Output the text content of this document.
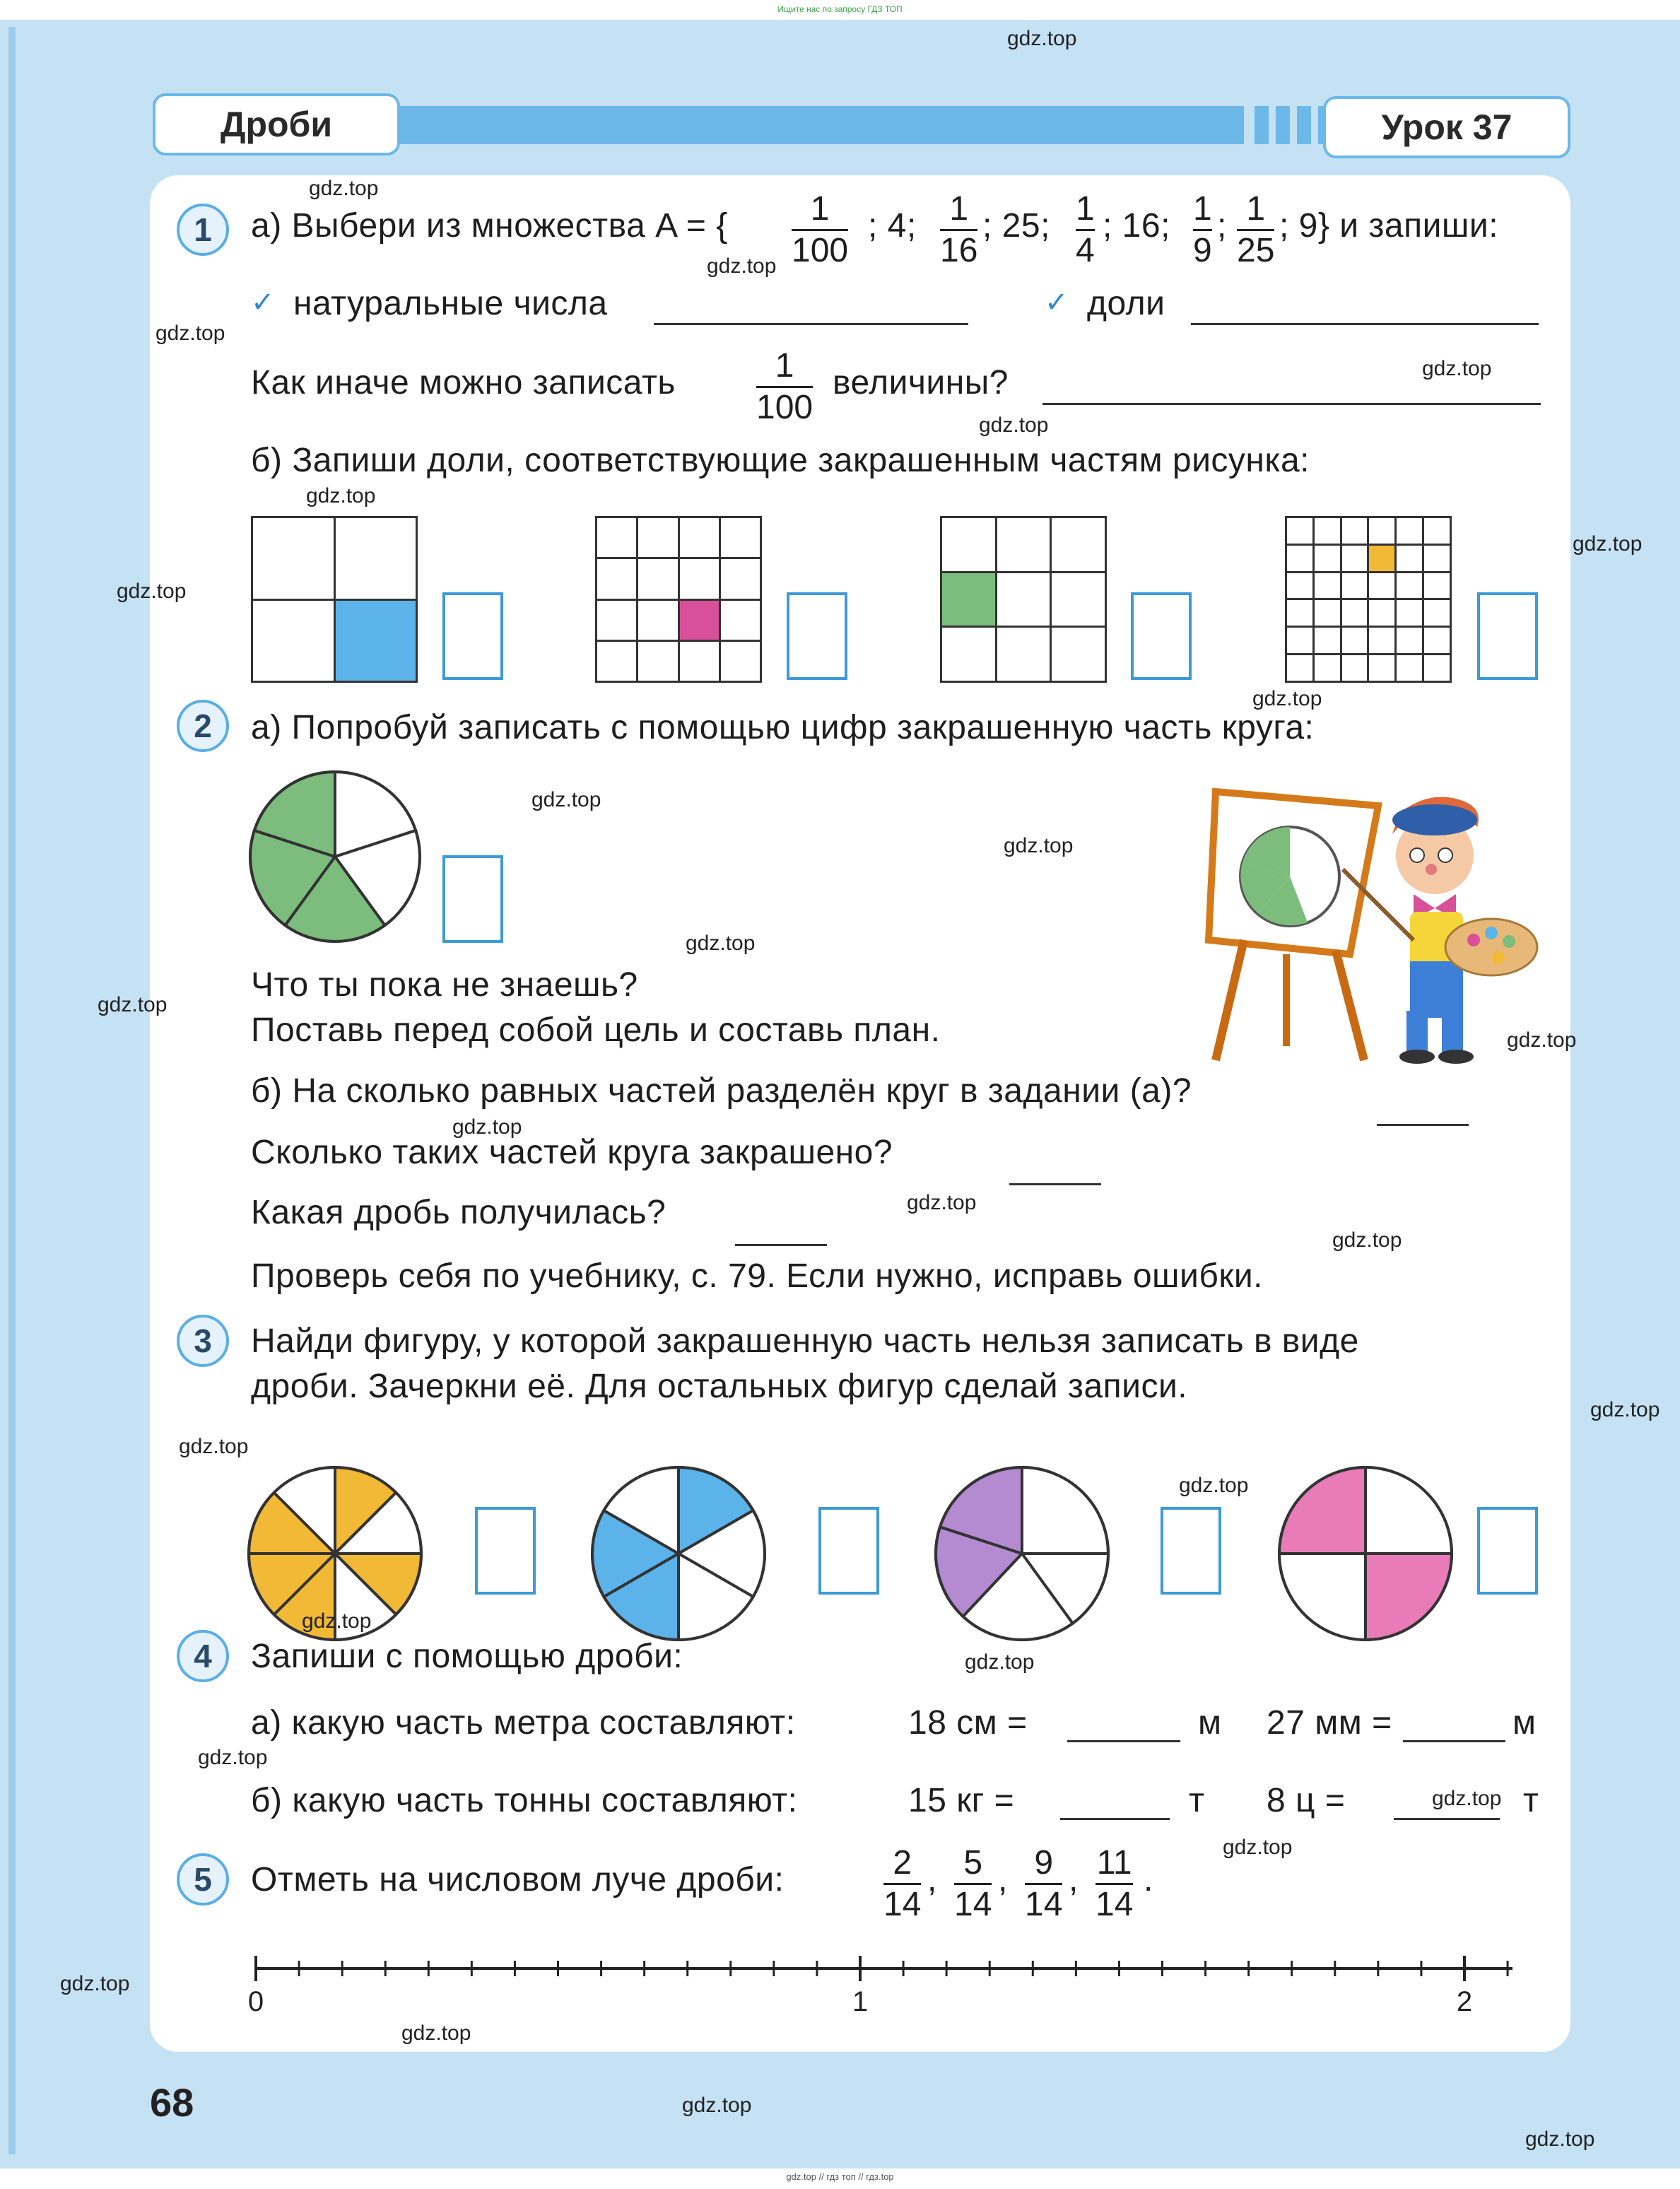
Ищите нас по запросу ГДЗ ТОП
Дроби	Урок 37
1	а) Выбери из множества A = { 1
100
; 4; 1
16
; 25; 1
4
; 16; 1
9
; 1
25
; 9} и запиши:
✓ натуральные числа	✓ доли
Как иначе можно записать	1
100
величины?
б) Запиши доли, соответствующие закрашенным частям рисунка:
2	а) Попробуй записать с помощью цифр закрашенную часть круга:
Что ты пока не знаешь?
Поставь перед собой цель и составь план.
б) На сколько равных частей разделён круг в задании (а)?
Сколько таких частей круга закрашено?
Какая дробь получилась?
Проверь себя по учебнику, с. 79. Если нужно, исправь ошибки.
3	Найди фигуру, у которой закрашенную часть нельзя записать в виде
дроби. Зачеркни её. Для остальных фигур сделай записи.
4	Запиши с помощью дроби:
а) какую часть метра составляют:	18 см =	м 27 мм =	м
б) какую часть тонны составляют:	15 кг =	т 8 ц =	т
5	Отметь на числовом луче дроби:	2
14
, 5
14
, 9
14
, 11
14
.
0	1	2
68
gdz.top
gdz.top
gdz.top
gdz.top
gdz.top
gdz.top
gdz.top
gdz.top
gdz.top
gdz.top
gdz.top
gdz.top
gdz.top
gdz.top
gdz.top
gdz.top
gdz.top
gdz.top
gdz.top
gdz.top
gdz.top
gdz.top
gdz.top
gdz.top
gdz.top
gdz.top
gdz.top
gdz.top
gdz.top
gdz.top
gdz.top // гдз топ // гдз.top
